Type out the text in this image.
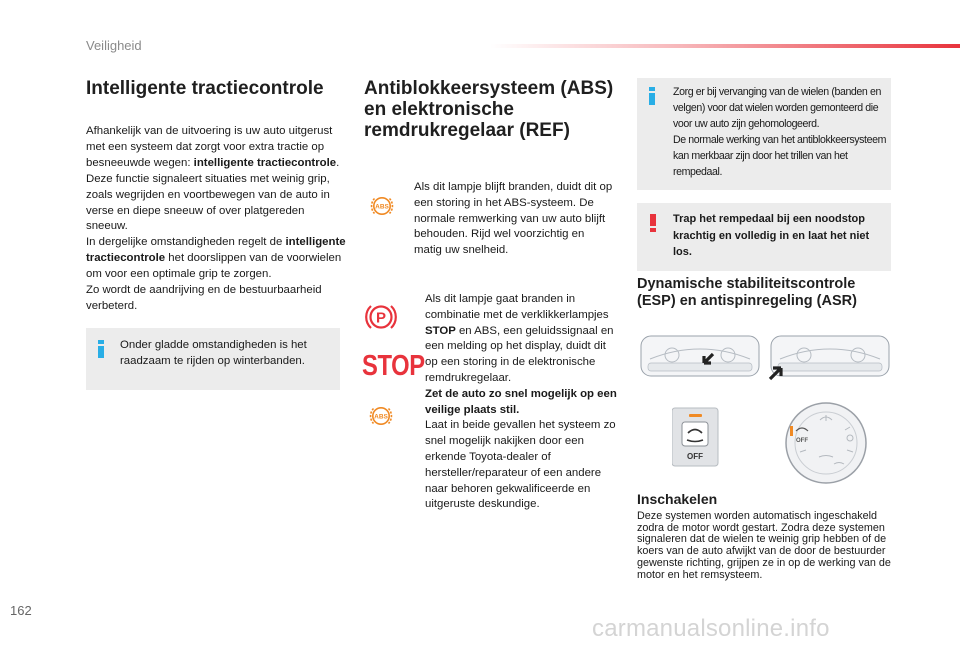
Veiligheid
Intelligente tractiecontrole
Afhankelijk van de uitvoering is uw auto uitgerust met een systeem dat zorgt voor extra tractie op besneeuwde wegen: intelligente tractiecontrole.
Deze functie signaleert situaties met weinig grip, zoals wegrijden en voortbewegen van de auto in verse en diepe sneeuw of over platgereden sneeuw.
In dergelijke omstandigheden regelt de intelligente tractiecontrole het doorslippen van de voorwielen om voor een optimale grip te zorgen.
Zo wordt de aandrijving en de bestuurbaarheid verbeterd.
Onder gladde omstandigheden is het raadzaam te rijden op winterbanden.
Antiblokkeersysteem (ABS) en elektronische remdrukregelaar (REF)
ABS
Als dit lampje blijft branden, duidt dit op een storing in het ABS-systeem. De normale remwerking van uw auto blijft behouden. Rijd wel voorzichtig en matig uw snelheid.
P
STOP
ABS
Als dit lampje gaat branden in combinatie met de verklikkerlampjes STOP en ABS, een geluidssignaal en een melding op het display, duidt dit op een storing in de elektronische remdrukregelaar.
Zet de auto zo snel mogelijk op een veilige plaats stil.
Laat in beide gevallen het systeem zo snel mogelijk nakijken door een erkende Toyota-dealer of hersteller/reparateur of een andere naar behoren gekwalificeerde en uitgeruste deskundige.
Zorg er bij vervanging van de wielen (banden en velgen) voor dat wielen worden gemonteerd die voor uw auto zijn gehomologeerd.
De normale werking van het antiblokkeersysteem kan merkbaar zijn door het trillen van het rempedaal.
Trap het rempedaal bij een noodstop krachtig en volledig in en laat het niet los.
Dynamische stabiliteitscontrole (ESP) en antispinregeling (ASR)
OFF
OFF
Inschakelen
Deze systemen worden automatisch ingeschakeld zodra de motor wordt gestart. Zodra deze systemen signaleren dat de wielen te weinig grip hebben of de koers van de auto afwijkt van de door de bestuurder gewenste richting, grijpen ze in op de werking van de motor en het remsysteem.
162
carmanualsonline.info
